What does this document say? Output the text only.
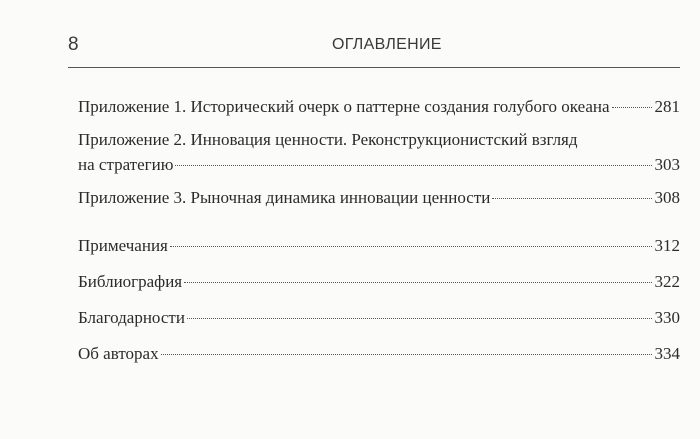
8	ОГЛАВЛЕНИЕ
Приложение 1. Исторический очерк о паттерне создания голубого океана	281
Приложение 2. Инновация ценности. Реконструкционистский взгляд
на стратегию	303
Приложение 3. Рыночная динамика инновации ценности	308
Примечания	312
Библиография	322
Благодарности	330
Об авторах	334
